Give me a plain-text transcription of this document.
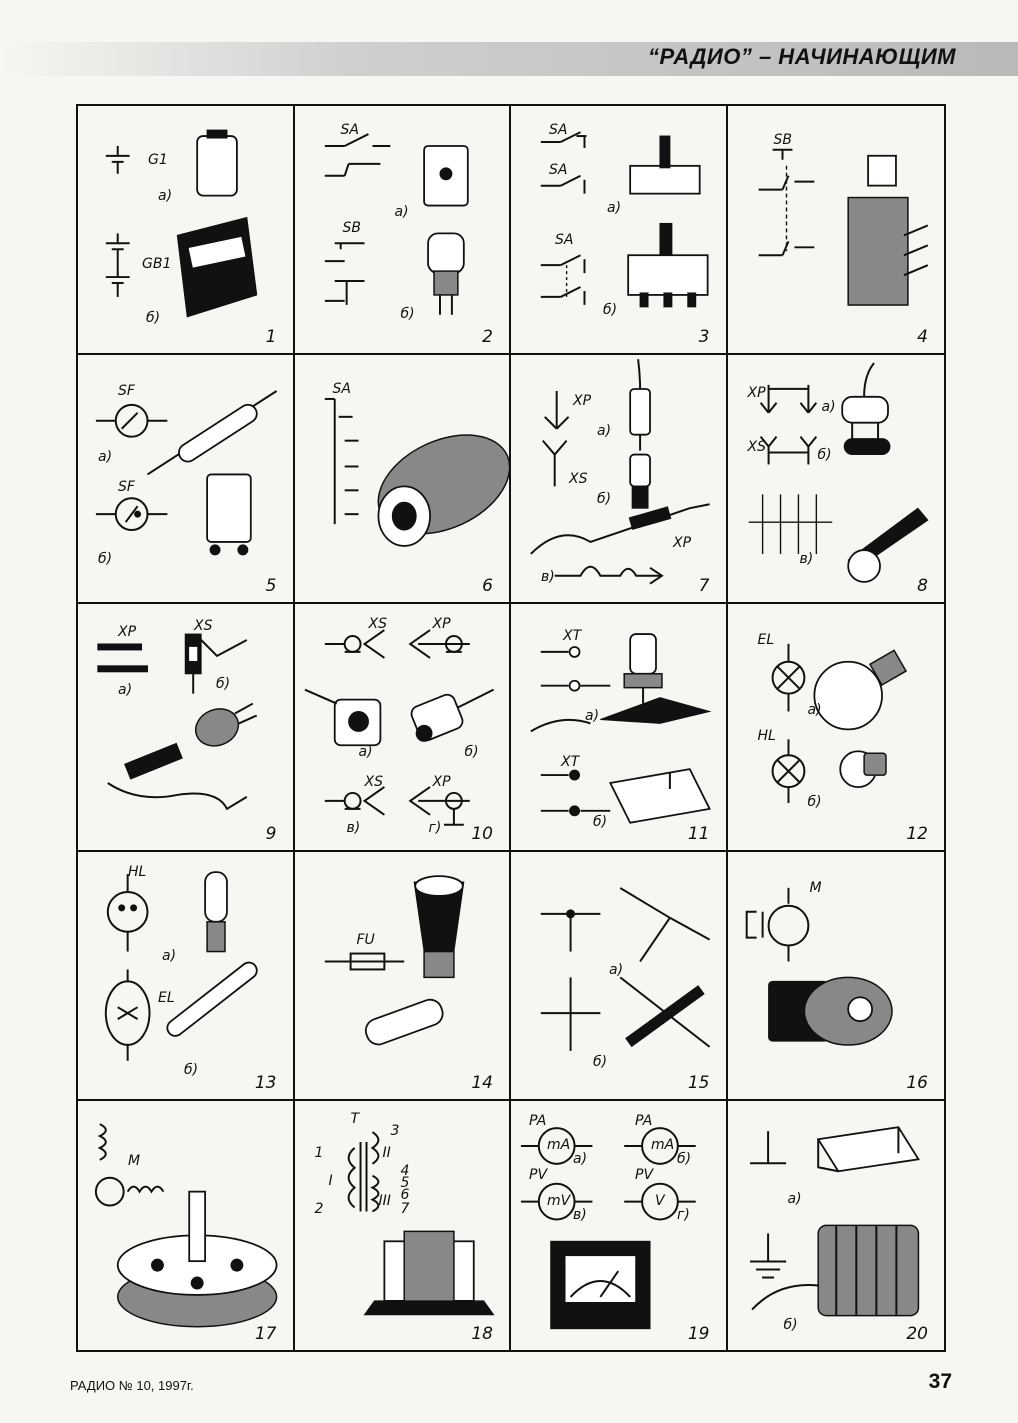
“РАДИО” – НАЧИНАЮЩИМ
G1
а)
GB1
б)
1
SA
а)
SB
б)
2
SA
SA
а)
SA
б)
3
SB
4
SF
а)
SF
б)
5
SA
6
XP
а)
XS
б)
в)
XP
7
XP
а)
XS	б)
в)
8
XP	XS
а)	б)
9
XS	XP
а)	б)
XS	XP
в)	г) 10
XT
а)
XT
б)
11
EL
а)
HL
б)
12
HL
а)
EL
б)
13
FU
14
а)
б)
15
M
16
M
17
T
3
1	II
4
I	5
6
2	III 7
18
PA
mA
а)
PA
mA
б)
PV
mV
в)
PV
V
г)
19
а)
б)	20
РАДИО № 10, 1997г.	37
